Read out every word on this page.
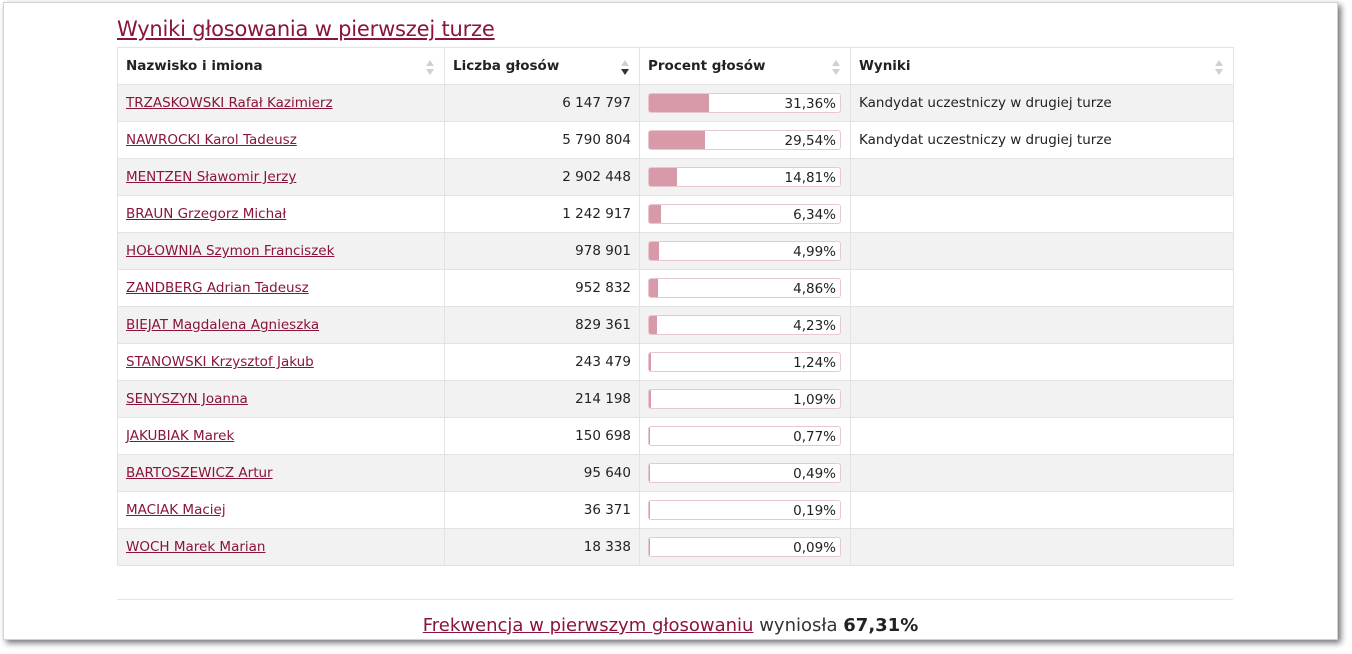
Wyniki głosowania w pierwszej turze
Nazwisko i imiona	Liczba głosów	Procent głosów	Wyniki

TRZASKOWSKI Rafał Kazimierz	6 147 797	31,36%	Kandydat uczestniczy w drugiej turze
NAWROCKI Karol Tadeusz	5 790 804	29,54%	Kandydat uczestniczy w drugiej turze
MENTZEN Sławomir Jerzy	2 902 448	14,81%	

BRAUN Grzegorz Michał	1 242 917	6,34%	

HOŁOWNIA Szymon Franciszek	978 901	4,99%	

ZANDBERG Adrian Tadeusz	952 832	4,86%	

BIEJAT Magdalena Agnieszka	829 361	4,23%	

STANOWSKI Krzysztof Jakub	243 479	1,24%	

SENYSZYN Joanna	214 198	1,09%	

JAKUBIAK Marek	150 698	0,77%	

BARTOSZEWICZ Artur	95 640	0,49%	

MACIAK Maciej	36 371	0,19%	

WOCH Marek Marian	18 338	0,09%	

Frekwencja w pierwszym głosowaniu wyniosła 67,31%
